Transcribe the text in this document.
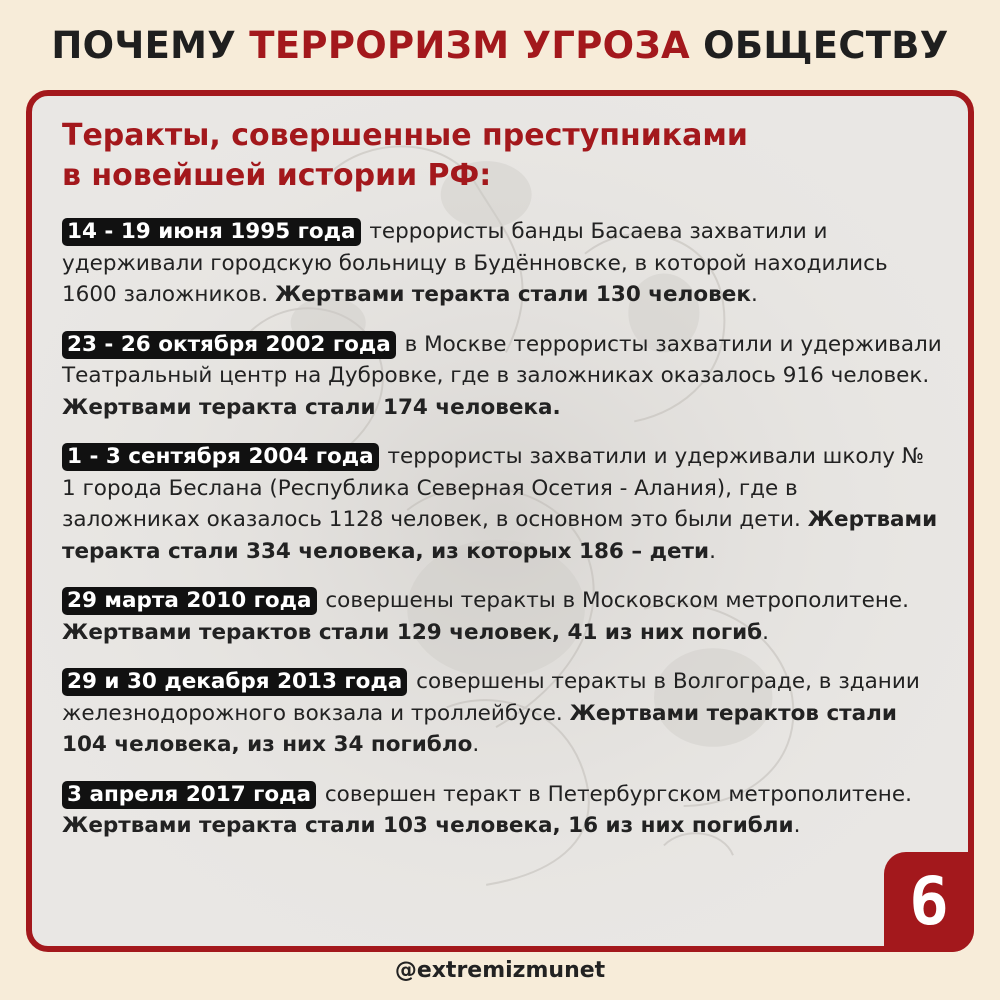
ПОЧЕМУ ТЕРРОРИЗМ УГРОЗА ОБЩЕСТВУ
Теракты, совершенные преступниками
в новейшей истории РФ:
14 - 19 июня 1995 года террористы банды Басаева захватили и удерживали городскую больницу в Будённовске, в которой находились 1600 заложников. Жертвами теракта стали 130 человек.
23 - 26 октября 2002 года в Москве террористы захватили и удерживали Театральный центр на Дубровке, где в заложниках оказалось 916 человек. Жертвами теракта стали 174 человека.
1 - 3 сентября 2004 года террористы захватили и удерживали школу № 1 города Беслана (Республика Северная Осетия - Алания), где в заложниках оказалось 1128 человек, в основном это были дети. Жертвами теракта стали 334 человека, из которых 186 – дети.
29 марта 2010 года совершены теракты в Московском метрополитене. Жертвами терактов стали 129 человек, 41 из них погиб.
29 и 30 декабря 2013 года совершены теракты в Волгограде, в здании железнодорожного вокзала и троллейбусе. Жертвами терактов стали 104 человека, из них 34 погибло.
3 апреля 2017 года совершен теракт в Петербургском метрополитене. Жертвами теракта стали 103 человека, 16 из них погибли.
6
@extremizmunet
